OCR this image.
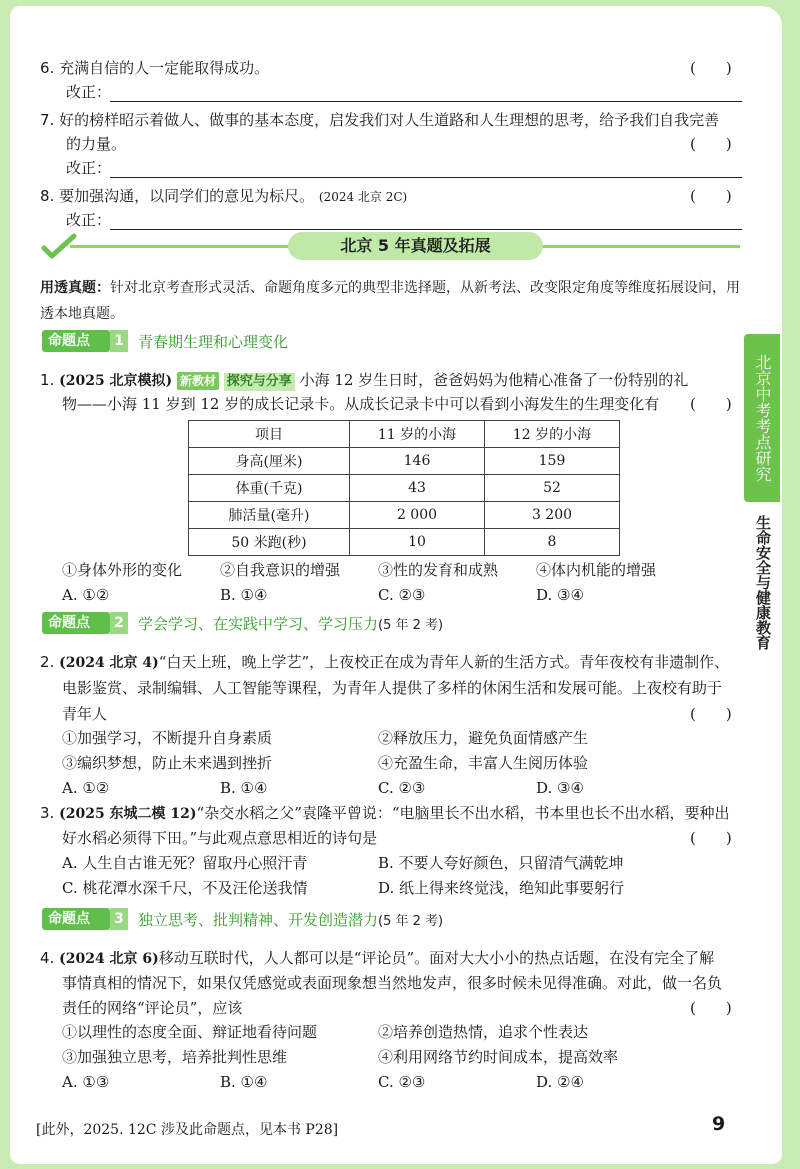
6. 充满自信的人一定能取得成功。	(　　)
改正：
7. 好的榜样昭示着做人、做事的基本态度，启发我们对人生道路和人生理想的思考，给予我们自我完善
的力量。	(　　)
改正：
8. 要加强沟通，以同学们的意见为标尺。 (2024 北京 2C)	(　　)
改正：
北京 5 年真题及拓展
用透真题：针对北京考查形式灵活、命题角度多元的典型非选择题，从新考法、改变限定角度等维度拓展设问，用
透本地真题。
命题点	1 青春期生理和心理变化
1. (2025 北京模拟) 新教材 探究与分享 小海 12 岁生日时，爸爸妈妈为他精心准备了一份特别的礼
物——小海 11 岁到 12 岁的成长记录卡。从成长记录卡中可以看到小海发生的生理变化有 (　　)
项目	11 岁的小海	12 岁的小海
身高(厘米)	146	159
体重(千克)	43	52
肺活量(毫升)	2 000	3 200
50 米跑(秒)	10	8
①身体外形的变化	②自我意识的增强	③性的发育和成熟	④体内机能的增强
A. ①②	B. ①④	C. ②③	D. ③④
命题点	2 学会学习、在实践中学习、学习压力(5 年 2 考)
2. (2024 北京 4)“白天上班，晚上学艺”，上夜校正在成为青年人新的生活方式。青年夜校有非遗制作、
电影鉴赏、录制编辑、人工智能等课程，为青年人提供了多样的休闲生活和发展可能。上夜校有助于
青年人	(　　)
①加强学习，不断提升自身素质	②释放压力，避免负面情感产生
③编织梦想，防止未来遇到挫折	④充盈生命，丰富人生阅历体验
A. ①②	B. ①④	C. ②③	D. ③④
3. (2025 东城二模 12)“杂交水稻之父”袁隆平曾说：“电脑里长不出水稻，书本里也长不出水稻，要种出
好水稻必须得下田。”与此观点意思相近的诗句是	(　　)
A. 人生自古谁无死？留取丹心照汗青	B. 不要人夸好颜色，只留清气满乾坤
C. 桃花潭水深千尺，不及汪伦送我情	D. 纸上得来终觉浅，绝知此事要躬行
命题点	3 独立思考、批判精神、开发创造潜力(5 年 2 考)
4. (2024 北京 6)移动互联时代，人人都可以是“评论员”。面对大大小小的热点话题，在没有完全了解
事情真相的情况下，如果仅凭感觉或表面现象想当然地发声，很多时候未见得准确。对此，做一名负
责任的网络“评论员”，应该	(　　)
①以理性的态度全面、辩证地看待问题	②培养创造热情，追求个性表达
③加强独立思考，培养批判性思维	④利用网络节约时间成本，提高效率
A. ①③	B. ①④	C. ②③	D. ②④
[此外，2025. 12C 涉及此命题点，见本书 P28]	9
北京中考考点研究
生命安全与健康教育
